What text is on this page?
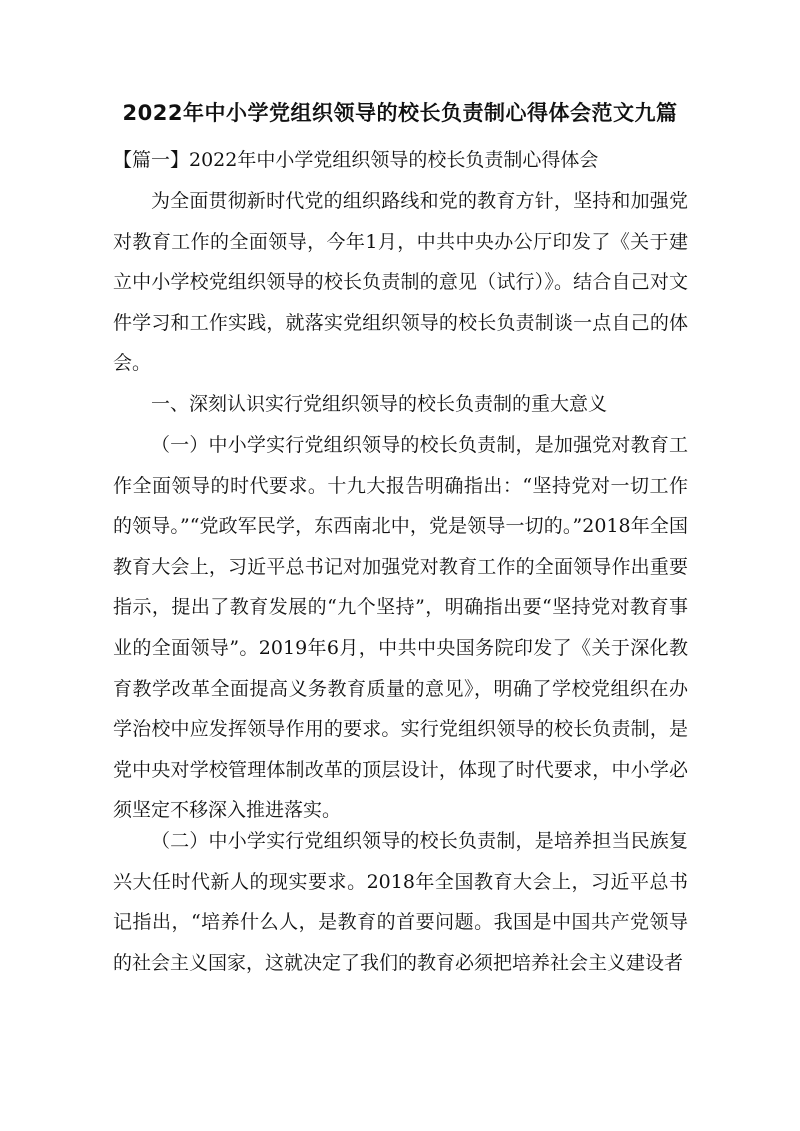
2022年中小学党组织领导的校长负责制心得体会范文九篇
【篇一】2022年中小学党组织领导的校长负责制心得体会

为全面贯彻新时代党的组织路线和党的教育方针，坚持和加强党对教育工作的全面领导，今年1月，中共中央办公厅印发了《关于建立中小学校党组织领导的校长负责制的意见（试行）》。结合自己对文件学习和工作实践，就落实党组织领导的校长负责制谈一点自己的体会。

一、深刻认识实行党组织领导的校长负责制的重大意义

（一）中小学实行党组织领导的校长负责制，是加强党对教育工作全面领导的时代要求。十九大报告明确指出：“坚持党对一切工作的领导。”“党政军民学，东西南北中，党是领导一切的。”2018年全国教育大会上，习近平总书记对加强党对教育工作的全面领导作出重要指示，提出了教育发展的“九个坚持”，明确指出要“坚持党对教育事业的全面领导”。2019年6月，中共中央国务院印发了《关于深化教育教学改革全面提高义务教育质量的意见》，明确了学校党组织在办学治校中应发挥领导作用的要求。实行党组织领导的校长负责制，是党中央对学校管理体制改革的顶层设计，体现了时代要求，中小学必须坚定不移深入推进落实。

（二）中小学实行党组织领导的校长负责制，是培养担当民族复兴大任时代新人的现实要求。2018年全国教育大会上，习近平总书记指出，“培养什么人，是教育的首要问题。我国是中国共产党领导的社会主义国家，这就决定了我们的教育必须把培养社会主义建设者
